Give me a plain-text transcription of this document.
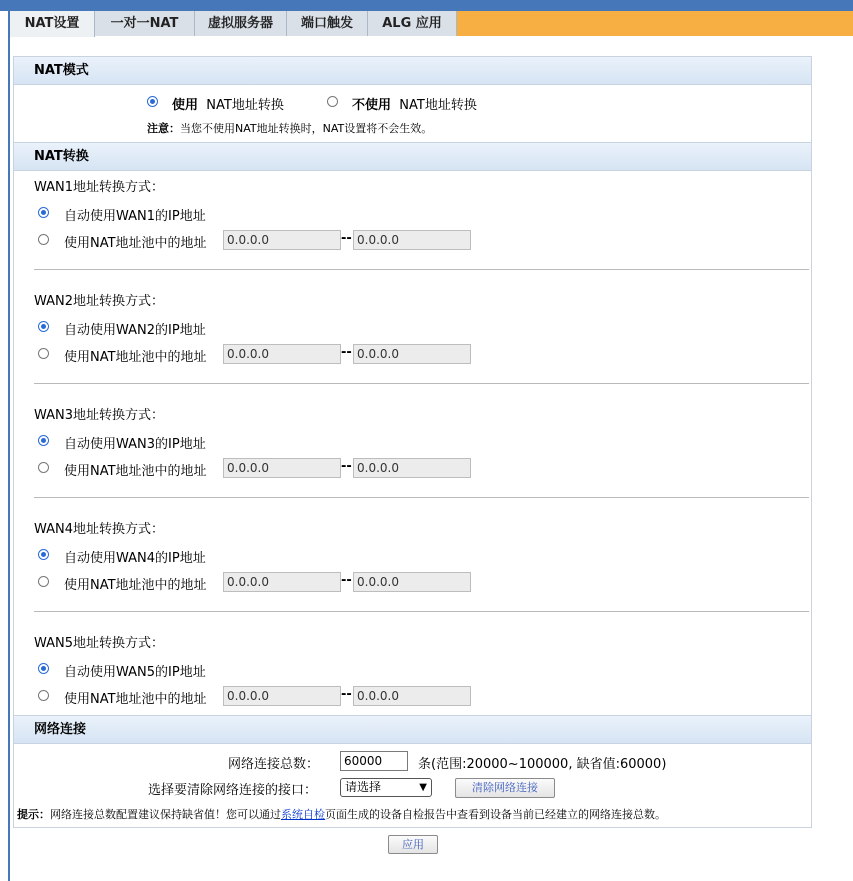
NAT设置	一对一NAT	虚拟服务器	端口触发	ALG 应用
NAT模式
使用 NAT地址转换	不使用 NAT地址转换
注意：当您不使用NAT地址转换时，NAT设置将不会生效。
NAT转换
WAN1地址转换方式：
自动使用WAN1的IP地址
使用NAT地址池中的地址	0.0.0.0	-- 0.0.0.0
WAN2地址转换方式：
自动使用WAN2的IP地址
使用NAT地址池中的地址	0.0.0.0	-- 0.0.0.0
WAN3地址转换方式：
自动使用WAN3的IP地址
使用NAT地址池中的地址	0.0.0.0	-- 0.0.0.0
WAN4地址转换方式：
自动使用WAN4的IP地址
使用NAT地址池中的地址	0.0.0.0	-- 0.0.0.0
WAN5地址转换方式：
自动使用WAN5的IP地址
使用NAT地址池中的地址	0.0.0.0	-- 0.0.0.0
网络连接
网络连接总数：	60000	条(范围:20000~100000, 缺省值:60000)
选择要清除网络连接的接口：	请选择	▼	清除网络连接
提示：网络连接总数配置建议保持缺省值！您可以通过系统自检页面生成的设备自检报告中查看到设备当前已经建立的网络连接总数。
应用
